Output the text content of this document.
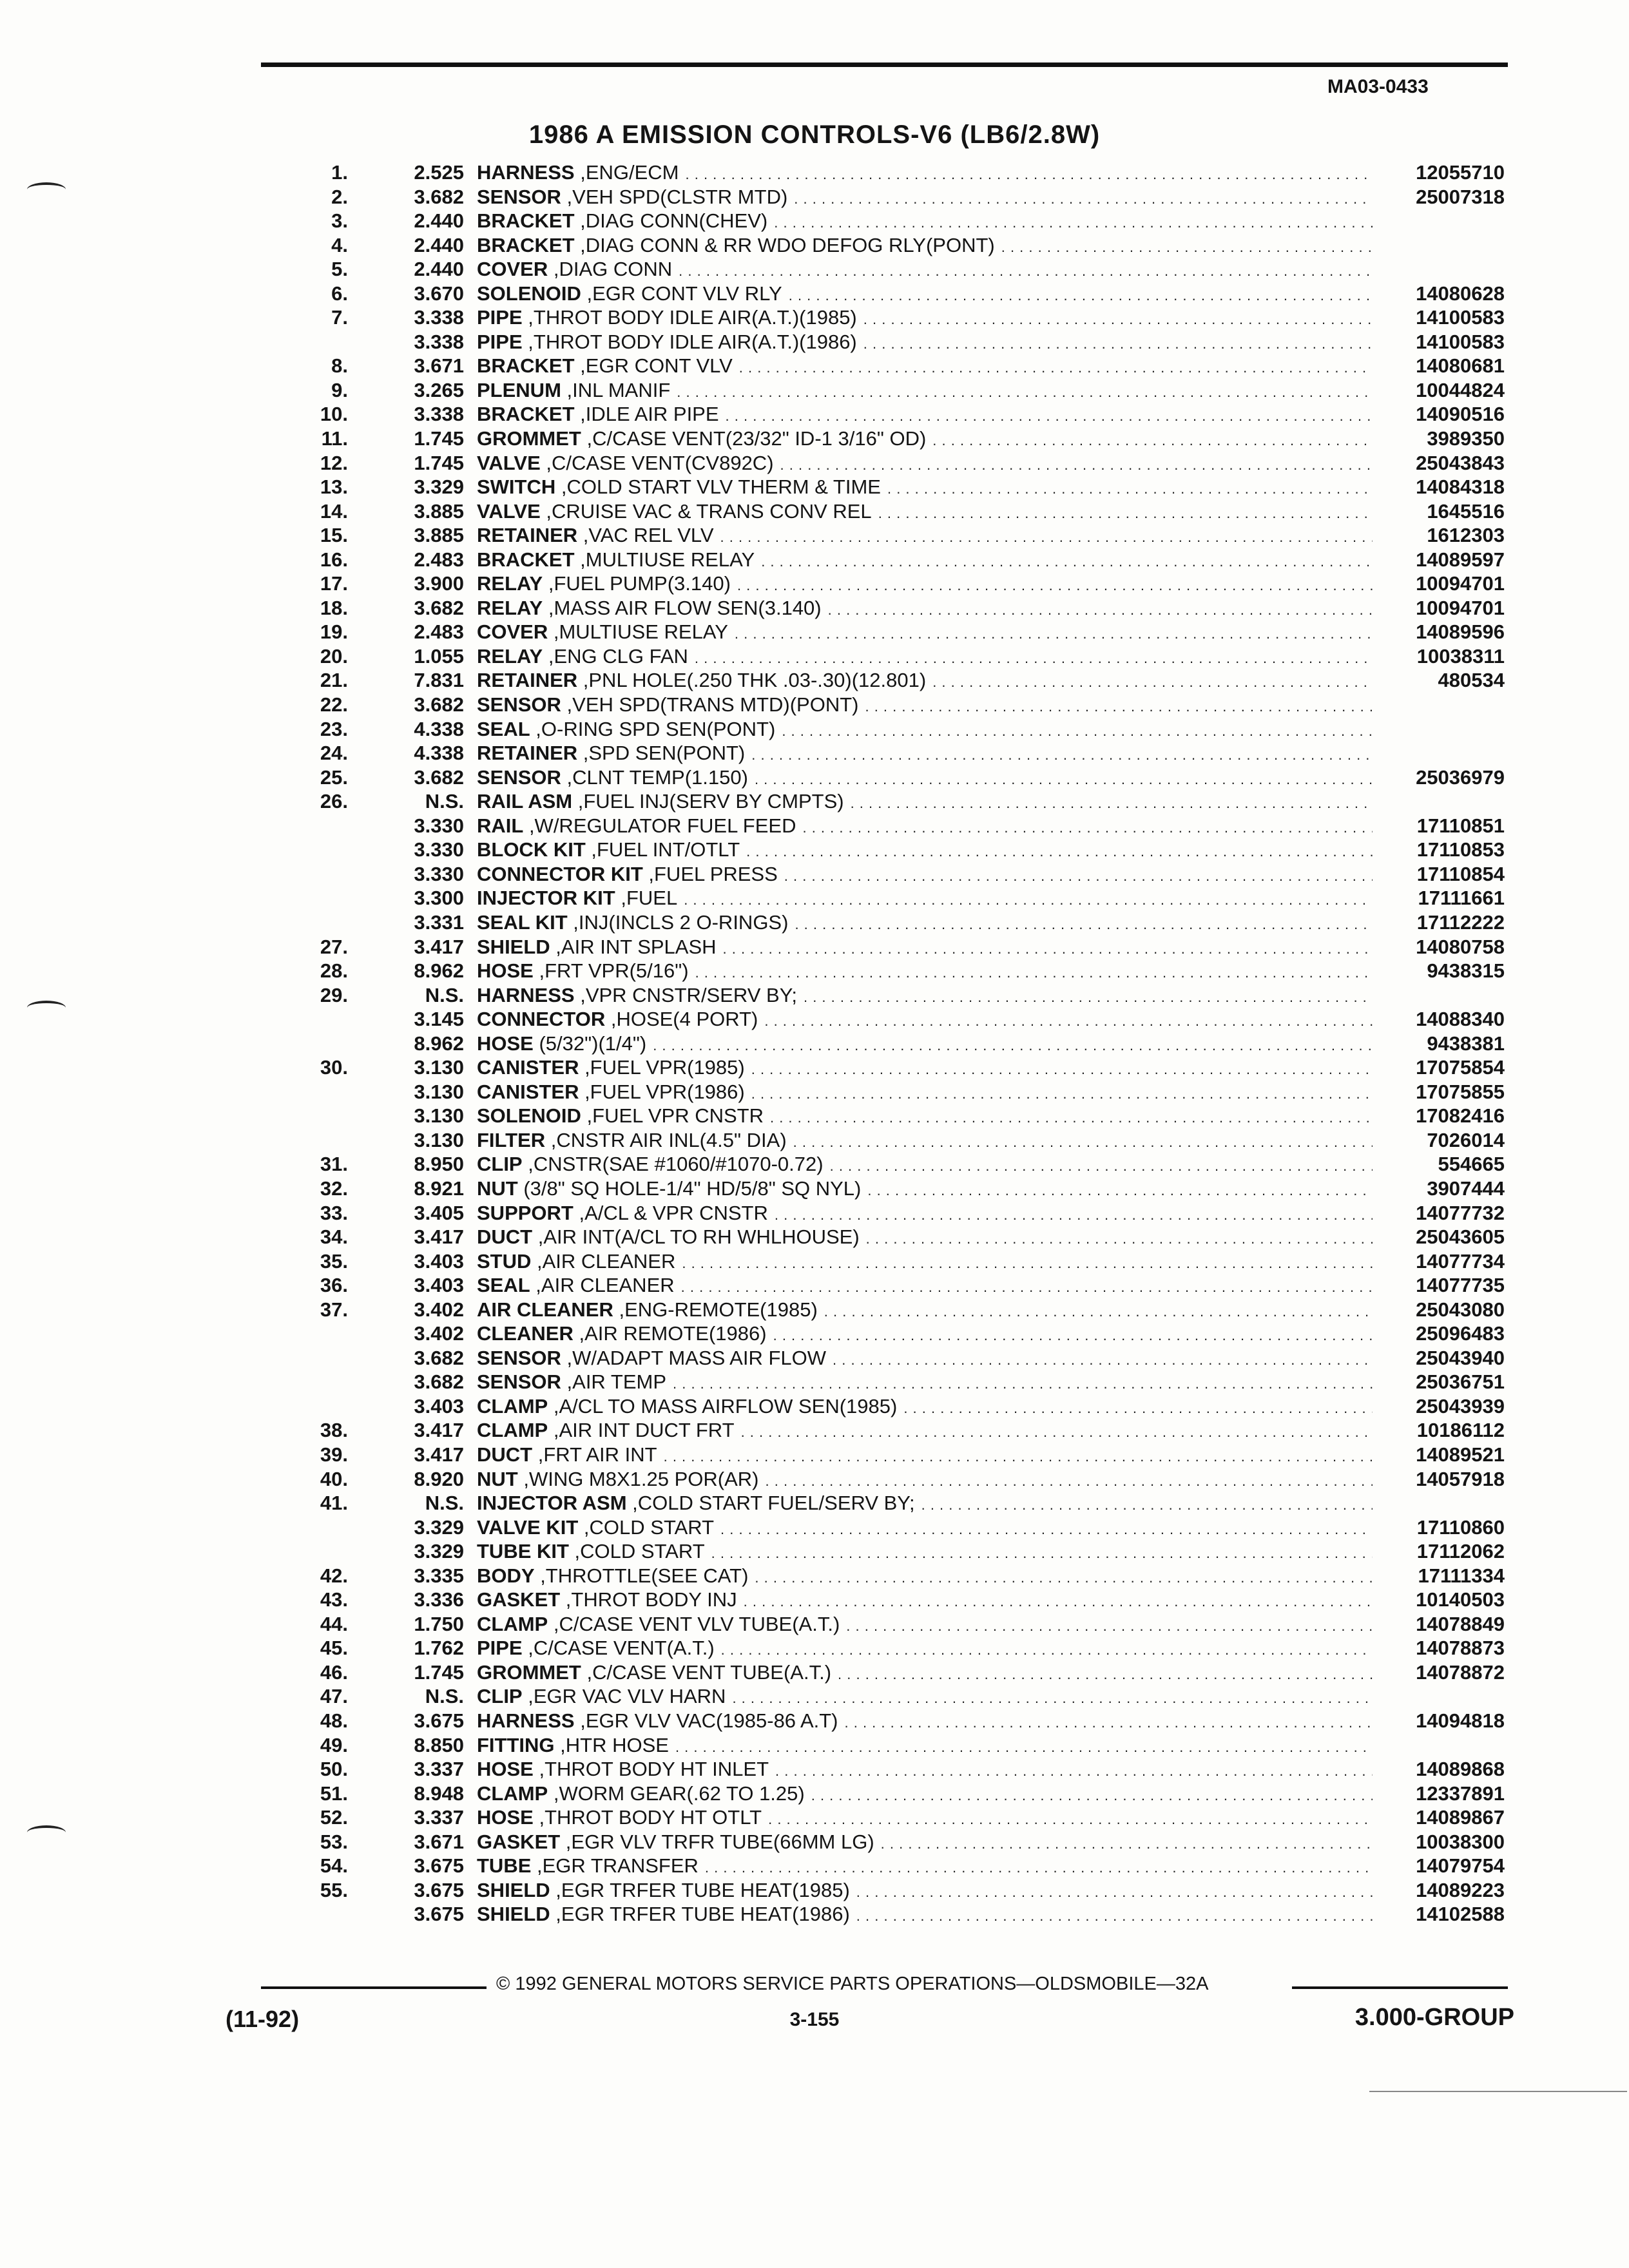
MA03-0433
1986 A EMISSION CONTROLS-V6 (LB6/2.8W)
1.	2.525 HARNESS ,ENG/ECM . . .	12055710
2.	3.682 SENSOR ,VEH SPD(CLSTR MTD) . . .	25007318
3.	2.440 BRACKET ,DIAG CONN(CHEV) . . .
4.	2.440 BRACKET ,DIAG CONN & RR WDO DEFOG RLY(PONT) . . .
5.	2.440 COVER ,DIAG CONN . . .
6.	3.670 SOLENOID ,EGR CONT VLV RLY . . .	14080628
7.	3.338 PIPE ,THROT BODY IDLE AIR(A.T.)(1985) . . .	14100583
3.338 PIPE ,THROT BODY IDLE AIR(A.T.)(1986) . . .	14100583
8.	3.671 BRACKET ,EGR CONT VLV . . .	14080681
9.	3.265 PLENUM ,INL MANIF . . .	10044824
10.	3.338 BRACKET ,IDLE AIR PIPE . . .	14090516
11.	1.745 GROMMET ,C/CASE VENT(23/32" ID-1 3/16" OD) . . .	3989350
12.	1.745 VALVE ,C/CASE VENT(CV892C) . . .	25043843
13.	3.329 SWITCH ,COLD START VLV THERM & TIME . . .	14084318
14.	3.885 VALVE ,CRUISE VAC & TRANS CONV REL . . .	1645516
15.	3.885 RETAINER ,VAC REL VLV . . .	1612303
16.	2.483 BRACKET ,MULTIUSE RELAY . . .	14089597
17.	3.900 RELAY ,FUEL PUMP(3.140) . . .	10094701
18.	3.682 RELAY ,MASS AIR FLOW SEN(3.140) . . .	10094701
19.	2.483 COVER ,MULTIUSE RELAY . . .	14089596
20.	1.055 RELAY ,ENG CLG FAN . . .	10038311
21.	7.831 RETAINER ,PNL HOLE(.250 THK .03-.30)(12.801) . . .	480534
22.	3.682 SENSOR ,VEH SPD(TRANS MTD)(PONT) . . .
23.	4.338 SEAL ,O-RING SPD SEN(PONT) . . .
24.	4.338 RETAINER ,SPD SEN(PONT) . . .
25.	3.682 SENSOR ,CLNT TEMP(1.150) . . .	25036979
26.	N.S. RAIL ASM ,FUEL INJ(SERV BY CMPTS) . . .
3.330 RAIL ,W/REGULATOR FUEL FEED . . .	17110851
3.330 BLOCK KIT ,FUEL INT/OTLT . . .	17110853
3.330 CONNECTOR KIT ,FUEL PRESS . . .	17110854
3.300 INJECTOR KIT ,FUEL . . .	17111661
3.331 SEAL KIT ,INJ(INCLS 2 O-RINGS) . . .	17112222
27.	3.417 SHIELD ,AIR INT SPLASH . . .	14080758
28.	8.962 HOSE ,FRT VPR(5/16") . . .	9438315
29.	N.S. HARNESS ,VPR CNSTR/SERV BY; . . .
3.145 CONNECTOR ,HOSE(4 PORT) . . .	14088340
8.962 HOSE (5/32")(1/4") . . .	9438381
30.	3.130 CANISTER ,FUEL VPR(1985) . . .	17075854
3.130 CANISTER ,FUEL VPR(1986) . . .	17075855
3.130 SOLENOID ,FUEL VPR CNSTR . . .	17082416
3.130 FILTER ,CNSTR AIR INL(4.5" DIA) . . .	7026014
31.	8.950 CLIP ,CNSTR(SAE #1060/#1070-0.72) . . .	554665
32.	8.921 NUT (3/8" SQ HOLE-1/4" HD/5/8" SQ NYL) . . .	3907444
33.	3.405 SUPPORT ,A/CL & VPR CNSTR . . .	14077732
34.	3.417 DUCT ,AIR INT(A/CL TO RH WHLHOUSE) . . .	25043605
35.	3.403 STUD ,AIR CLEANER . . .	14077734
36.	3.403 SEAL ,AIR CLEANER . . .	14077735
37.	3.402 AIR CLEANER ,ENG-REMOTE(1985) . . .	25043080
3.402 CLEANER ,AIR REMOTE(1986) . . .	25096483
3.682 SENSOR ,W/ADAPT MASS AIR FLOW . . .	25043940
3.682 SENSOR ,AIR TEMP . . .	25036751
3.403 CLAMP ,A/CL TO MASS AIRFLOW SEN(1985) . . .	25043939
38.	3.417 CLAMP ,AIR INT DUCT FRT . . .	10186112
39.	3.417 DUCT ,FRT AIR INT . . .	14089521
40.	8.920 NUT ,WING M8X1.25 POR(AR) . . .	14057918
41.	N.S. INJECTOR ASM ,COLD START FUEL/SERV BY; . . .
3.329 VALVE KIT ,COLD START . . .	17110860
3.329 TUBE KIT ,COLD START . . .	17112062
42.	3.335 BODY ,THROTTLE(SEE CAT) . . .	17111334
43.	3.336 GASKET ,THROT BODY INJ . . .	10140503
44.	1.750 CLAMP ,C/CASE VENT VLV TUBE(A.T.) . . .	14078849
45.	1.762 PIPE ,C/CASE VENT(A.T.) . . .	14078873
46.	1.745 GROMMET ,C/CASE VENT TUBE(A.T.) . . .	14078872
47.	N.S. CLIP ,EGR VAC VLV HARN . . .
48.	3.675 HARNESS ,EGR VLV VAC(1985-86 A.T) . . .	14094818
49.	8.850 FITTING ,HTR HOSE . . .
50.	3.337 HOSE ,THROT BODY HT INLET . . .	14089868
51.	8.948 CLAMP ,WORM GEAR(.62 TO 1.25) . . .	12337891
52.	3.337 HOSE ,THROT BODY HT OTLT . . .	14089867
53.	3.671 GASKET ,EGR VLV TRFR TUBE(66MM LG) . . .	10038300
54.	3.675 TUBE ,EGR TRANSFER . . .	14079754
55.	3.675 SHIELD ,EGR TRFER TUBE HEAT(1985) . . .	14089223
3.675 SHIELD ,EGR TRFER TUBE HEAT(1986) . . .	14102588
© 1992 GENERAL MOTORS SERVICE PARTS OPERATIONS—OLDSMOBILE—32A
(11-92)	3-155	3.000-GROUP
